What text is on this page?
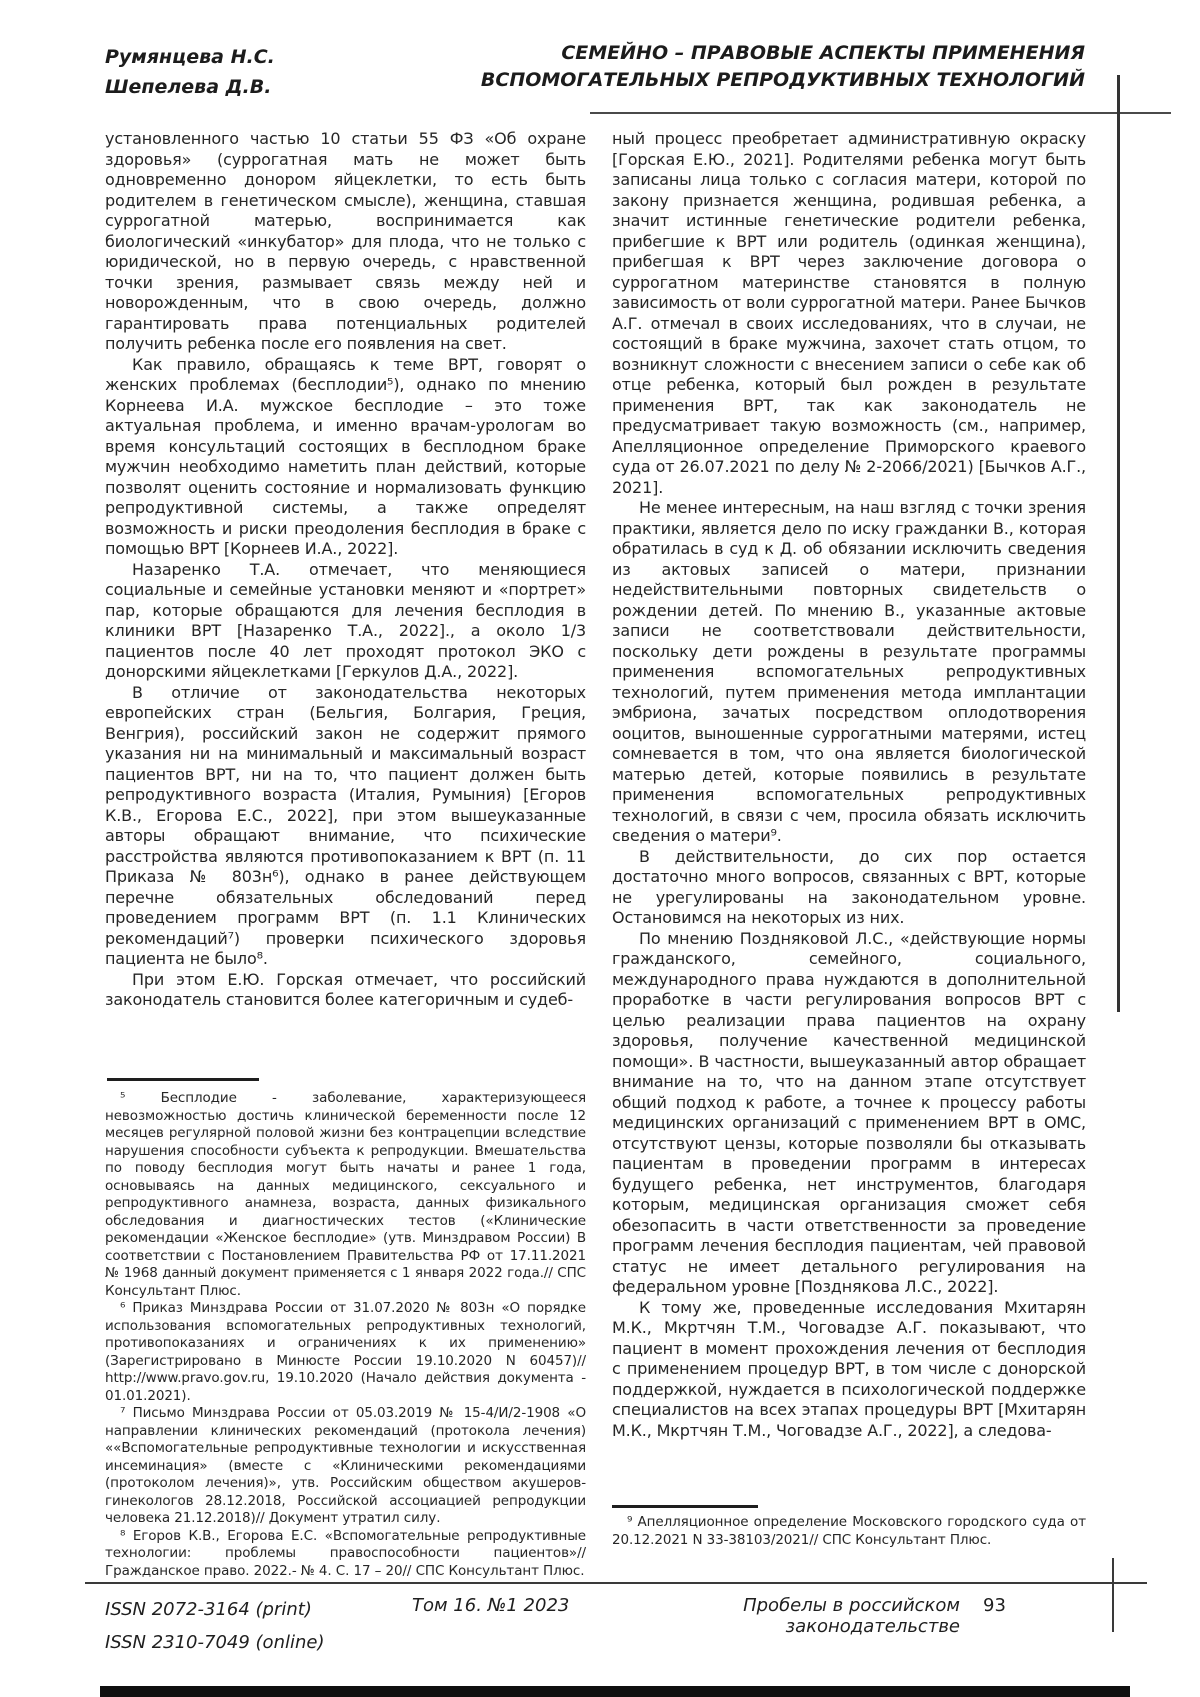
Румянцева Н.С.
Шепелева Д.В.
СЕМЕЙНО – ПРАВОВЫЕ АСПЕКТЫ ПРИМЕНЕНИЯ
ВСПОМОГАТЕЛЬНЫХ РЕПРОДУКТИВНЫХ ТЕХНОЛОГИЙ

установленного частью 10 статьи 55 ФЗ «Об охране здоровья» (суррогатная мать не может быть одновременно донором яйцеклетки, то есть быть родителем в генетическом смысле), женщина, ставшая суррогатной матерью, воспринимается как биологический «инкубатор» для плода, что не только с юридической, но в первую очередь, с нравственной точки зрения, размывает связь между ней и новорожденным, что в свою очередь, должно гарантировать права потенциальных родителей получить ребенка после его появления на свет.

Как правило, обращаясь к теме ВРТ, говорят о женских проблемах (бесплодии⁵), однако по мнению Корнеева И.А. мужское бесплодие – это тоже актуальная проблема, и именно врачам-урологам во время консультаций состоящих в бесплодном браке мужчин необходимо наметить план действий, которые позволят оценить состояние и нормализовать функцию репродуктивной системы, а также определят возможность и риски преодоления бесплодия в браке с помощью ВРТ [Корнеев И.А., 2022].

Назаренко Т.А. отмечает, что меняющиеся социальные и семейные установки меняют и «портрет» пар, которые обращаются для лечения бесплодия в клиники ВРТ [Назаренко Т.А., 2022]., а около 1/3 пациентов после 40 лет проходят протокол ЭКО с донорскими яйцеклетками [Геркулов Д.А., 2022].

В отличие от законодательства некоторых европейских стран (Бельгия, Болгария, Греция, Венгрия), российский закон не содержит прямого указания ни на минимальный и максимальный возраст пациентов ВРТ, ни на то, что пациент должен быть репродуктивного возраста (Италия, Румыния) [Егоров К.В., Егорова Е.С., 2022], при этом вышеуказанные авторы обращают внимание, что психические расстройства являются противопоказанием к ВРТ (п. 11 Приказа № 803н⁶), однако в ранее действующем перечне обязательных обследований перед проведением программ ВРТ (п. 1.1 Клинических рекомендаций⁷) проверки психического здоровья пациента не было⁸.

При этом Е.Ю. Горская отмечает, что российский законодатель становится более категоричным и судеб-

⁵ Бесплодие - заболевание, характеризующееся невозможностью достичь клинической беременности после 12 месяцев регулярной половой жизни без контрацепции вследствие нарушения способности субъекта к репродукции. Вмешательства по поводу бесплодия могут быть начаты и ранее 1 года, основываясь на данных медицинского, сексуального и репродуктивного анамнеза, возраста, данных физикального обследования и диагностических тестов («Клинические рекомендации «Женское бесплодие» (утв. Минздравом России) В соответствии с Постановлением Правительства РФ от 17.11.2021 № 1968 данный документ применяется с 1 января 2022 года.// СПС Консультант Плюс.

⁶ Приказ Минздрава России от 31.07.2020 № 803н «О порядке использования вспомогательных репродуктивных технологий, противопоказаниях и ограничениях к их применению» (Зарегистрировано в Минюсте России 19.10.2020 N 60457)// http://www.pravo.gov.ru, 19.10.2020 (Начало действия документа - 01.01.2021).

⁷ Письмо Минздрава России от 05.03.2019 № 15-4/И/2-1908 «О направлении клинических рекомендаций (протокола лечения) ««Вспомогательные репродуктивные технологии и искусственная инсеминация» (вместе с «Клиническими рекомендациями (протоколом лечения)», утв. Российским обществом акушеров-гинекологов 28.12.2018, Российской ассоциацией репродукции человека 21.12.2018)// Документ утратил силу.

⁸ Егоров К.В., Егорова Е.С. «Вспомогательные репродуктивные технологии: проблемы правоспособности пациентов»// Гражданское право. 2022.- № 4. С. 17 – 20// СПС Консультант Плюс.

ный процесс преобретает административную окраску [Горская Е.Ю., 2021]. Родителями ребенка могут быть записаны лица только с согласия матери, которой по закону признается женщина, родившая ребенка, а значит истинные генетические родители ребенка, прибегшие к ВРТ или родитель (одинкая женщина), прибегшая к ВРТ через заключение договора о суррогатном материнстве становятся в полную зависимость от воли суррогатной матери. Ранее Бычков А.Г. отмечал в своих исследованиях, что в случаи, не состоящий в браке мужчина, захочет стать отцом, то возникнут сложности с внесением записи о себе как об отце ребенка, который был рожден в результате применения ВРТ, так как законодатель не предусматривает такую возможность (см., например, Апелляционное определение Приморского краевого суда от 26.07.2021 по делу № 2-2066/2021) [Бычков А.Г., 2021].

Не менее интересным, на наш взгляд с точки зрения практики, является дело по иску гражданки В., которая обратилась в суд к Д. об обязании исключить сведения из актовых записей о матери, признании недействительными повторных свидетельств о рождении детей. По мнению В., указанные актовые записи не соответствовали действительности, поскольку дети рождены в результате программы применения вспомогательных репродуктивных технологий, путем применения метода имплантации эмбриона, зачатых посредством оплодотворения ооцитов, выношенные суррогатными матерями, истец сомневается в том, что она является биологической матерью детей, которые появились в результате применения вспомогательных репродуктивных технологий, в связи с чем, просила обязать исключить сведения о матери⁹.

В действительности, до сих пор остается достаточно много вопросов, связанных с ВРТ, которые не урегулированы на законодательном уровне. Остановимся на некоторых из них.

По мнению Поздняковой Л.С., «действующие нормы гражданского, семейного, социального, международного права нуждаются в дополнительной проработке в части регулирования вопросов ВРТ с целью реализации права пациентов на охрану здоровья, получение качественной медицинской помощи». В частности, вышеуказанный автор обращает внимание на то, что на данном этапе отсутствует общий подход к работе, а точнее к процессу работы медицинских организаций с применением ВРТ в ОМС, отсутствуют цензы, которые позволяли бы отказывать пациентам в проведении программ в интересах будущего ребенка, нет инструментов, благодаря которым, медицинская организация сможет себя обезопасить в части ответственности за проведение программ лечения бесплодия пациентам, чей правовой статус не имеет детального регулирования на федеральном уровне [Позднякова Л.С., 2022].

К тому же, проведенные исследования Мхитарян М.К., Мкртчян Т.М., Чоговадзе А.Г. показывают, что пациент в момент прохождения лечения от бесплодия с применением процедур ВРТ, в том числе с донорской поддержкой, нуждается в психологической поддержке специалистов на всех этапах процедуры ВРТ [Мхитарян М.К., Мкртчян Т.М., Чоговадзе А.Г., 2022], а следова-

⁹ Апелляционное определение Московского городского суда от 20.12.2021 N 33-38103/2021// СПС Консультант Плюс.

ISSN 2072-3164 (print)
ISSN 2310-7049 (online)
Том 16. №1 2023	Пробелы в российском законодательстве
93
